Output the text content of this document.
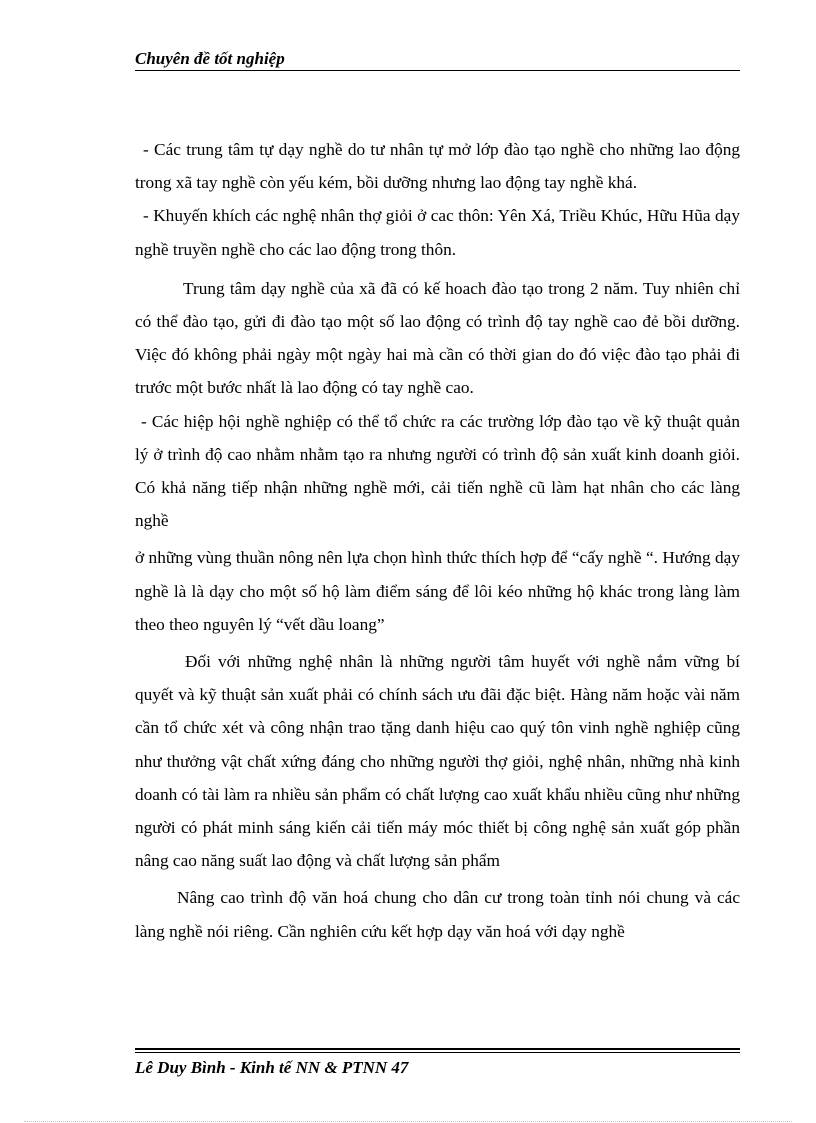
Chuyên đề tốt nghiệp

- Các trung tâm tự dạy nghề do tư nhân tự mở lớp đào tạo nghề cho những lao động trong xã tay nghề còn yếu kém, bồi dưỡng nhưng lao động tay nghề khá.

- Khuyến khích các nghệ nhân thợ giỏi ở cac thôn: Yên Xá, Triều Khúc, Hữu Hũa dạy nghề truyền nghề cho các lao động trong thôn.

Trung tâm dạy nghề của xã đã có kế hoach đào tạo trong 2 năm. Tuy nhiên chỉ có thể đào tạo, gửi đi đào tạo một số lao động có trình độ tay nghề cao đẻ bồi dưỡng. Việc đó không phải ngày một ngày hai mà cần có thời gian do đó việc đào tạo phải đi trước một bước nhất là lao động có tay nghề cao.

- Các hiệp hội nghề nghiệp có thể tổ chức ra các trường lớp đào tạo về kỹ thuật quản lý ở trình độ cao nhằm nhằm tạo ra nhưng người có trình độ sản xuất kinh doanh giỏi. Có khả năng tiếp nhận những nghề mới, cải tiến nghề cũ làm hạt nhân cho các làng nghề

ở những vùng thuần nông nên lựa chọn hình thức thích hợp để “cấy nghề “. Hướng dạy nghề là là dạy cho một số hộ làm điểm sáng để lôi kéo những hộ khác trong làng làm theo theo nguyên lý “vết dầu loang”

Đối với những nghệ nhân là những người tâm huyết với nghề nắm vững bí quyết và kỹ thuật sản xuất phải có chính sách ưu đãi đặc biệt. Hàng năm hoặc vài năm cần tổ chức xét và công nhận trao tặng danh hiệu cao quý tôn vinh nghề nghiệp cũng như thưởng vật chất xứng đáng cho những người thợ giỏi, nghệ nhân, những nhà kinh doanh có tài làm ra nhiều sản phẩm có chất lượng cao xuất khẩu nhiều cũng như những người có phát minh sáng kiến cải tiến máy móc thiết bị công nghệ sản xuất góp phần nâng cao năng suất lao động và chất lượng sản phẩm

Nâng cao trình độ văn hoá chung cho dân cư trong toàn tỉnh nói chung và các làng nghề nói riêng. Cần nghiên cứu kết hợp dạy văn hoá với dạy nghề

Lê Duy Bình - Kinh tế NN & PTNN 47
